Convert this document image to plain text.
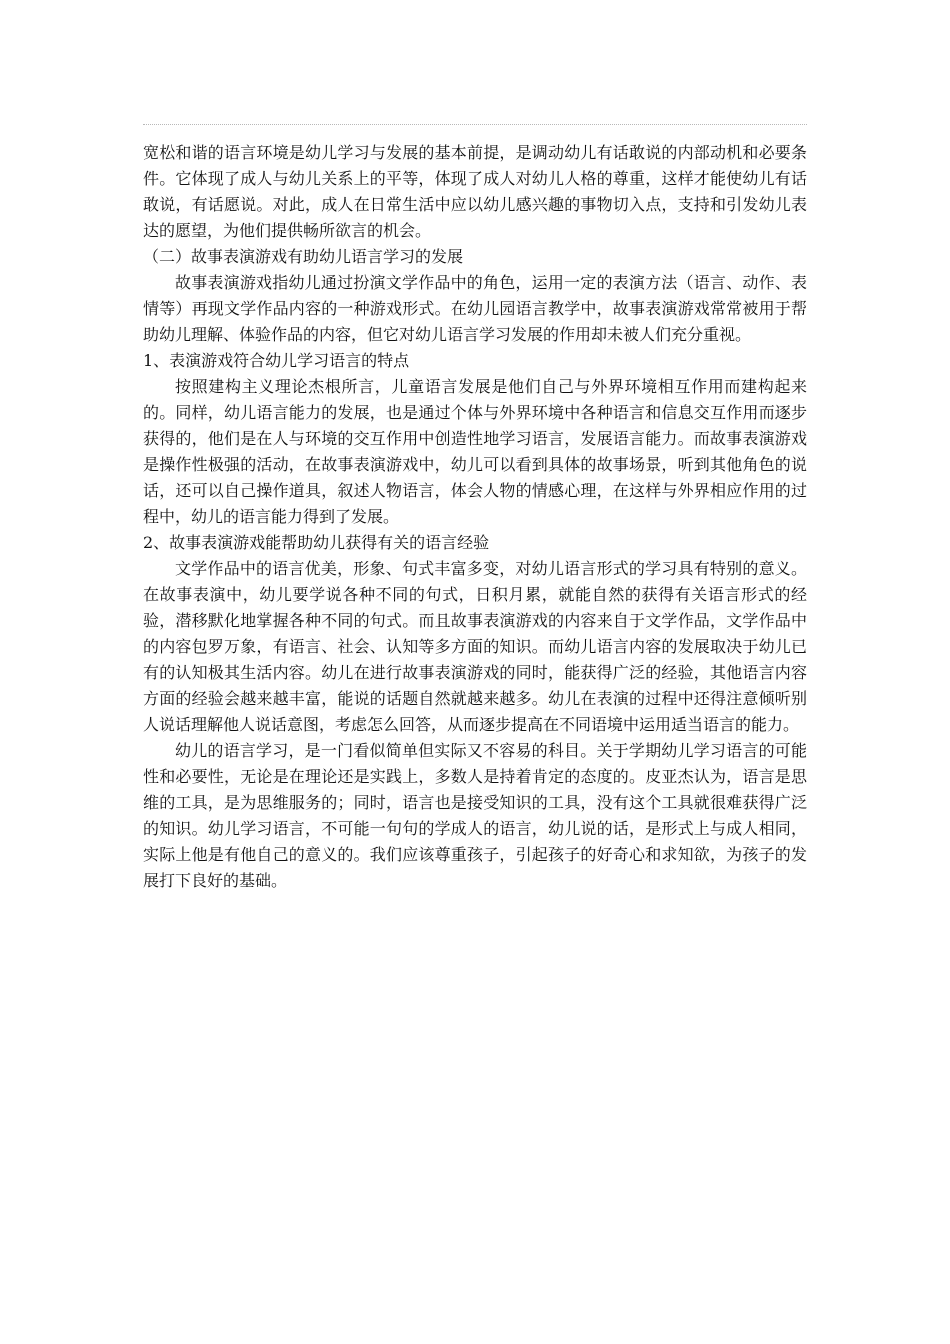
宽松和谐的语言环境是幼儿学习与发展的基本前提，是调动幼儿有话敢说的内部动机和必要条件。它体现了成人与幼儿关系上的平等，体现了成人对幼儿人格的尊重，这样才能使幼儿有话敢说，有话愿说。对此，成人在日常生活中应以幼儿感兴趣的事物切入点，支持和引发幼儿表达的愿望，为他们提供畅所欲言的机会。

（二）故事表演游戏有助幼儿语言学习的发展

故事表演游戏指幼儿通过扮演文学作品中的角色，运用一定的表演方法（语言、动作、表情等）再现文学作品内容的一种游戏形式。在幼儿园语言教学中，故事表演游戏常常被用于帮助幼儿理解、体验作品的内容，但它对幼儿语言学习发展的作用却未被人们充分重视。

1、表演游戏符合幼儿学习语言的特点

按照建构主义理论杰根所言，儿童语言发展是他们自己与外界环境相互作用而建构起来的。同样，幼儿语言能力的发展，也是通过个体与外界环境中各种语言和信息交互作用而逐步获得的，他们是在人与环境的交互作用中创造性地学习语言，发展语言能力。而故事表演游戏是操作性极强的活动，在故事表演游戏中，幼儿可以看到具体的故事场景，听到其他角色的说话，还可以自己操作道具，叙述人物语言，体会人物的情感心理，在这样与外界相应作用的过程中，幼儿的语言能力得到了发展。

2、故事表演游戏能帮助幼儿获得有关的语言经验

文学作品中的语言优美，形象、句式丰富多变，对幼儿语言形式的学习具有特别的意义。在故事表演中，幼儿要学说各种不同的句式，日积月累，就能自然的获得有关语言形式的经验，潜移默化地掌握各种不同的句式。而且故事表演游戏的内容来自于文学作品，文学作品中的内容包罗万象，有语言、社会、认知等多方面的知识。而幼儿语言内容的发展取决于幼儿已有的认知极其生活内容。幼儿在进行故事表演游戏的同时，能获得广泛的经验，其他语言内容方面的经验会越来越丰富，能说的话题自然就越来越多。幼儿在表演的过程中还得注意倾听别人说话理解他人说话意图，考虑怎么回答，从而逐步提高在不同语境中运用适当语言的能力。

幼儿的语言学习，是一门看似简单但实际又不容易的科目。关于学期幼儿学习语言的可能性和必要性，无论是在理论还是实践上，多数人是持着肯定的态度的。皮亚杰认为，语言是思维的工具，是为思维服务的；同时，语言也是接受知识的工具，没有这个工具就很难获得广泛的知识。幼儿学习语言，不可能一句句的学成人的语言，幼儿说的话，是形式上与成人相同，实际上他是有他自己的意义的。我们应该尊重孩子，引起孩子的好奇心和求知欲，为孩子的发展打下良好的基础。
